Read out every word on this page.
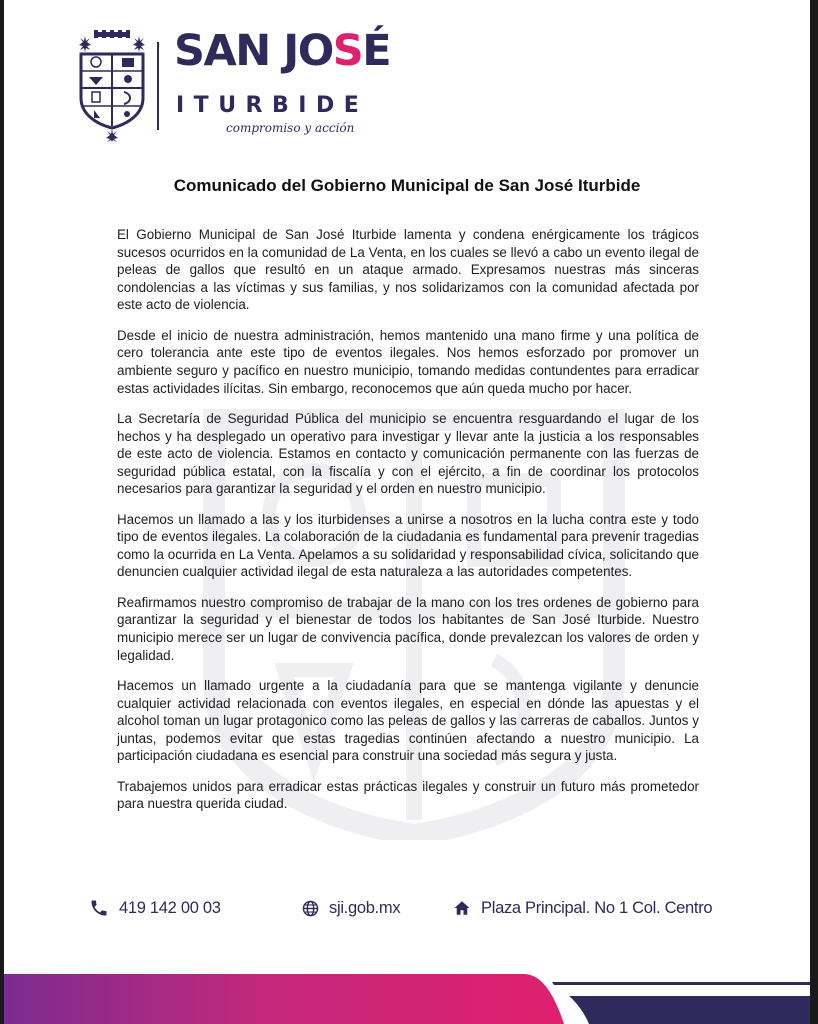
SAN JOSÉ
ITURBIDE
compromiso y acción
Comunicado del Gobierno Municipal de San José Iturbide

El Gobierno Municipal de San José Iturbide lamenta y condena enérgicamente los trágicos sucesos ocurridos en la comunidad de La Venta, en los cuales se llevó a cabo un evento ilegal de peleas de gallos que resultó en un ataque armado. Expresamos nuestras más sinceras condolencias a las víctimas y sus familias, y nos solidarizamos con la comunidad afectada por este acto de violencia.

Desde el inicio de nuestra administración, hemos mantenido una mano firme y una política de cero tolerancia ante este tipo de eventos ilegales. Nos hemos esforzado por promover un ambiente seguro y pacífico en nuestro municipio, tomando medidas contundentes para erradicar estas actividades ilícitas. Sin embargo, reconocemos que aún queda mucho por hacer.

La Secretaría de Seguridad Pública del municipio se encuentra resguardando el lugar de los hechos y ha desplegado un operativo para investigar y llevar ante la justicia a los responsables de este acto de violencia. Estamos en contacto y comunicación permanente con las fuerzas de seguridad pública estatal, con la fiscalía y con el ejército, a fin de coordinar los protocolos necesarios para garantizar la seguridad y el orden en nuestro municipio.

Hacemos un llamado a las y los iturbidenses a unirse a nosotros en la lucha contra este y todo tipo de eventos ilegales. La colaboración de la ciudadania es fundamental para prevenir tragedias como la ocurrida en La Venta. Apelamos a su solidaridad y responsabilidad cívica, solicitando que denuncien cualquier actividad ilegal de esta naturaleza a las autoridades competentes.

Reafirmamos nuestro compromiso de trabajar de la mano con los tres ordenes de gobierno para garantizar la seguridad y el bienestar de todos los habitantes de San José Iturbide. Nuestro municipio merece ser un lugar de convivencia pacífica, donde prevalezcan los valores de orden y legalidad.

Hacemos un llamado urgente a la ciudadanía para que se mantenga vigilante y denuncie cualquier actividad relacionada con eventos ilegales, en especial en dónde las apuestas y el alcohol toman un lugar protagonico como las peleas de gallos y las carreras de caballos. Juntos y juntas, podemos evitar que estas tragedias continúen afectando a nuestro municipio. La participación ciudadana es esencial para construir una sociedad más segura y justa.

Trabajemos unidos para erradicar estas prácticas ilegales y construir un futuro más prometedor para nuestra querida ciudad.

419 142 00 03	sji.gob.mx	Plaza Principal. No 1 Col. Centro
